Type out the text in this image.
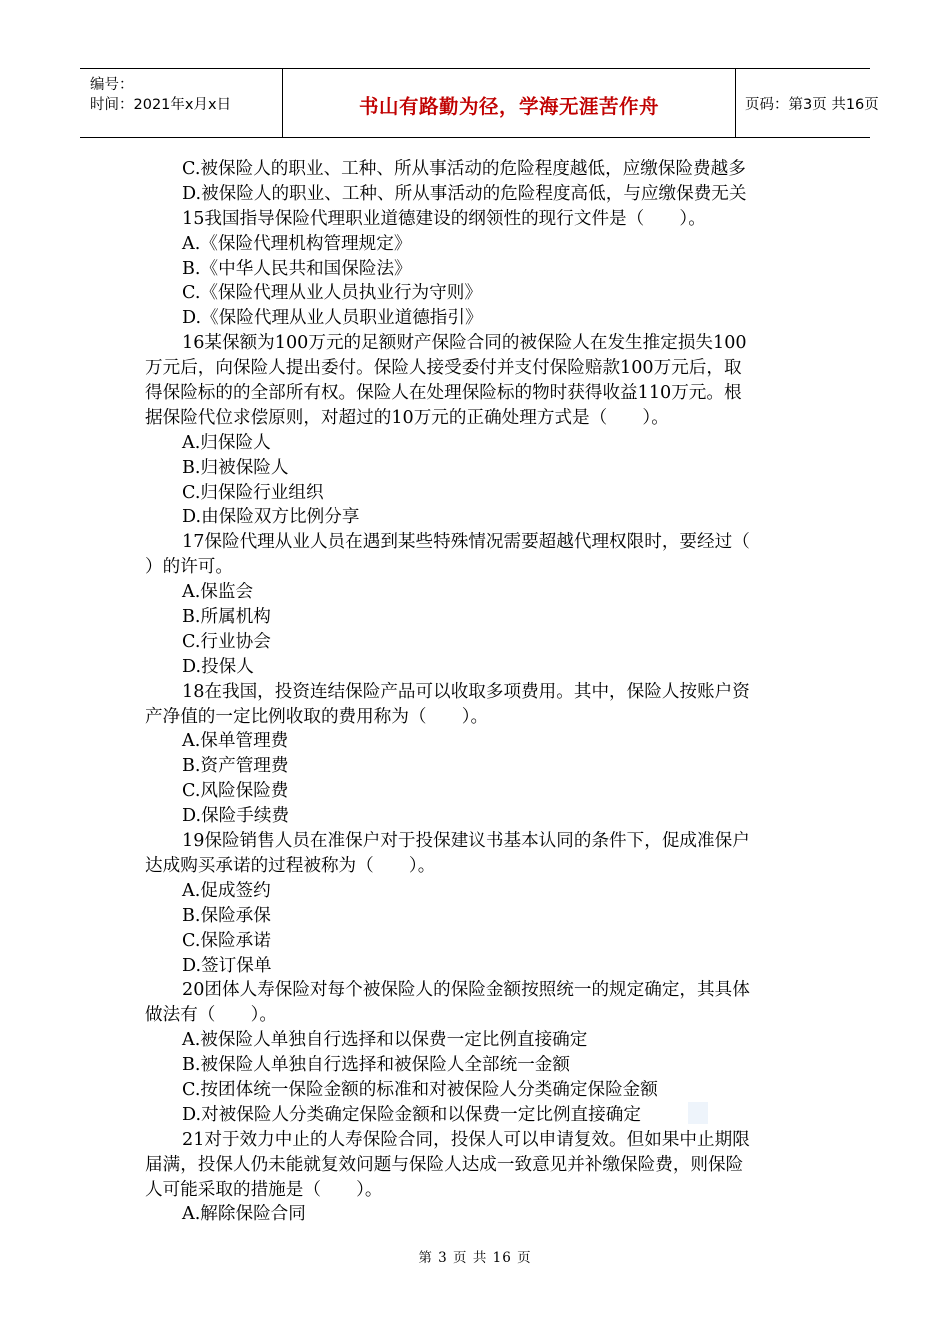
编号：
时间：2021年x月x日	书山有路勤为径，学海无涯苦作舟	页码：第3页 共16页
C.被保险人的职业、工种、所从事活动的危险程度越低，应缴保险费越多
D.被保险人的职业、工种、所从事活动的危险程度高低，与应缴保费无关
15我国指导保险代理职业道德建设的纲领性的现行文件是（　　）。
A.《保险代理机构管理规定》
B.《中华人民共和国保险法》
C.《保险代理从业人员执业行为守则》
D.《保险代理从业人员职业道德指引》
16某保额为100万元的足额财产保险合同的被保险人在发生推定损失100
万元后，向保险人提出委付。保险人接受委付并支付保险赔款100万元后，取
得保险标的的全部所有权。保险人在处理保险标的物时获得收益110万元。根
据保险代位求偿原则，对超过的10万元的正确处理方式是（　　）。
A.归保险人
B.归被保险人
C.归保险行业组织
D.由保险双方比例分享
17保险代理从业人员在遇到某些特殊情况需要超越代理权限时，要经过（
）的许可。
A.保监会
B.所属机构
C.行业协会
D.投保人
18在我国，投资连结保险产品可以收取多项费用。其中，保险人按账户资
产净值的一定比例收取的费用称为（　　）。
A.保单管理费
B.资产管理费
C.风险保险费
D.保险手续费
19保险销售人员在准保户对于投保建议书基本认同的条件下，促成准保户
达成购买承诺的过程被称为（　　）。
A.促成签约
B.保险承保
C.保险承诺
D.签订保单
20团体人寿保险对每个被保险人的保险金额按照统一的规定确定，其具体
做法有（　　）。
A.被保险人单独自行选择和以保费一定比例直接确定
B.被保险人单独自行选择和被保险人全部统一金额
C.按团体统一保险金额的标准和对被保险人分类确定保险金额
D.对被保险人分类确定保险金额和以保费一定比例直接确定
21对于效力中止的人寿保险合同，投保人可以申请复效。但如果中止期限
届满，投保人仍未能就复效问题与保险人达成一致意见并补缴保险费，则保险
人可能采取的措施是（　　）。
A.解除保险合同
第 3 页 共 16 页
